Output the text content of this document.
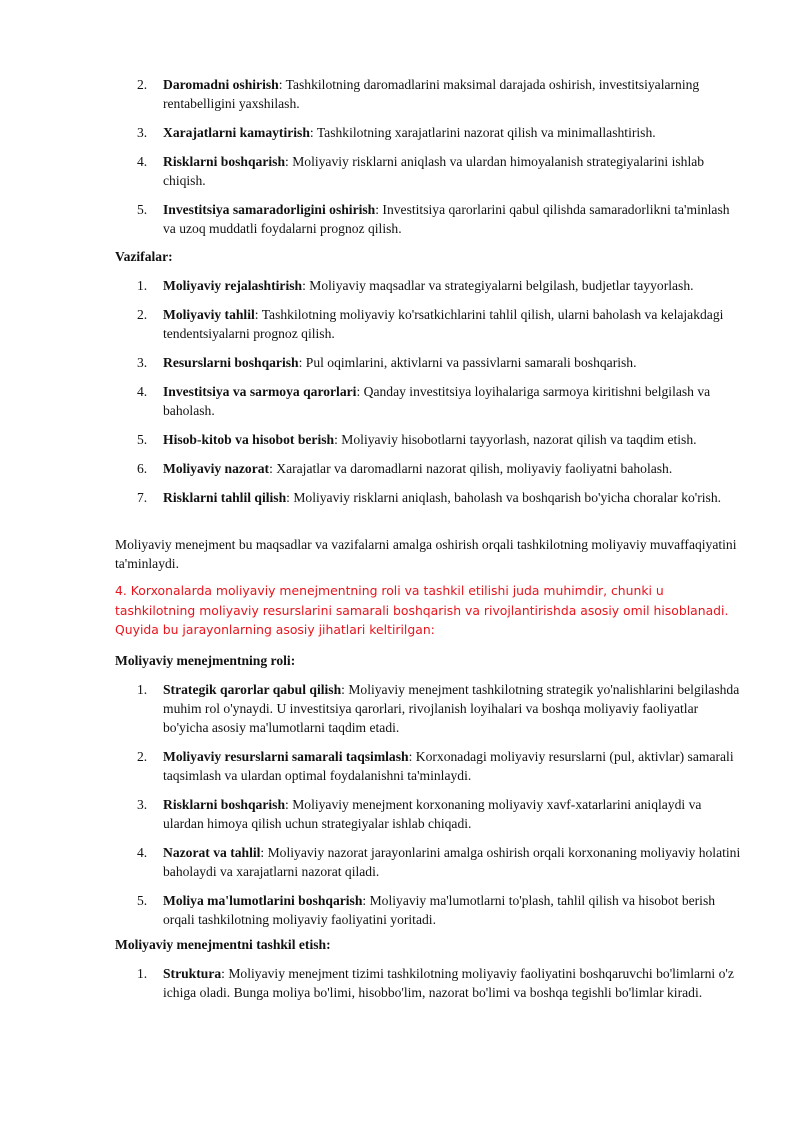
2.	Daromadni oshirish: Tashkilotning daromadlarini maksimal darajada oshirish, investitsiyalarning rentabelligini yaxshilash.
3.	Xarajatlarni kamaytirish: Tashkilotning xarajatlarini nazorat qilish va minimallashtirish.
4.	Risklarni boshqarish: Moliyaviy risklarni aniqlash va ulardan himoyalanish strategiyalarini ishlab chiqish.
5.	Investitsiya samaradorligini oshirish: Investitsiya qarorlarini qabul qilishda samaradorlikni ta'minlash va uzoq muddatli foydalarni prognoz qilish.
Vazifalar:
1.	Moliyaviy rejalashtirish: Moliyaviy maqsadlar va strategiyalarni belgilash, budjetlar tayyorlash.
2.	Moliyaviy tahlil: Tashkilotning moliyaviy ko'rsatkichlarini tahlil qilish, ularni baholash va kelajakdagi tendentsiyalarni prognoz qilish.
3.	Resurslarni boshqarish: Pul oqimlarini, aktivlarni va passivlarni samarali boshqarish.
4.	Investitsiya va sarmoya qarorlari: Qanday investitsiya loyihalariga sarmoya kiritishni belgilash va baholash.
5.	Hisob-kitob va hisobot berish: Moliyaviy hisobotlarni tayyorlash, nazorat qilish va taqdim etish.
6.	Moliyaviy nazorat: Xarajatlar va daromadlarni nazorat qilish, moliyaviy faoliyatni baholash.
7.	Risklarni tahlil qilish: Moliyaviy risklarni aniqlash, baholash va boshqarish bo'yicha choralar ko'rish.
Moliyaviy menejment bu maqsadlar va vazifalarni amalga oshirish orqali tashkilotning moliyaviy muvaffaqiyatini ta'minlaydi.
4. Korxonalarda moliyaviy menejmentning roli va tashkil etilishi juda muhimdir, chunki u tashkilotning moliyaviy resurslarini samarali boshqarish va rivojlantirishda asosiy omil hisoblanadi. Quyida bu jarayonlarning asosiy jihatlari keltirilgan:
Moliyaviy menejmentning roli:
1.	Strategik qarorlar qabul qilish: Moliyaviy menejment tashkilotning strategik yo'nalishlarini belgilashda muhim rol o'ynaydi. U investitsiya qarorlari, rivojlanish loyihalari va boshqa moliyaviy faoliyatlar bo'yicha asosiy ma'lumotlarni taqdim etadi.
2.	Moliyaviy resurslarni samarali taqsimlash: Korxonadagi moliyaviy resurslarni (pul, aktivlar) samarali taqsimlash va ulardan optimal foydalanishni ta'minlaydi.
3.	Risklarni boshqarish: Moliyaviy menejment korxonaning moliyaviy xavf-xatarlarini aniqlaydi va ulardan himoya qilish uchun strategiyalar ishlab chiqadi.
4.	Nazorat va tahlil: Moliyaviy nazorat jarayonlarini amalga oshirish orqali korxonaning moliyaviy holatini baholaydi va xarajatlarni nazorat qiladi.
5.	Moliya ma'lumotlarini boshqarish: Moliyaviy ma'lumotlarni to'plash, tahlil qilish va hisobot berish orqali tashkilotning moliyaviy faoliyatini yoritadi.
Moliyaviy menejmentni tashkil etish:
1.	Struktura: Moliyaviy menejment tizimi tashkilotning moliyaviy faoliyatini boshqaruvchi bo'limlarni o'z ichiga oladi. Bunga moliya bo'limi, hisobbo'lim, nazorat bo'limi va boshqa tegishli bo'limlar kiradi.
